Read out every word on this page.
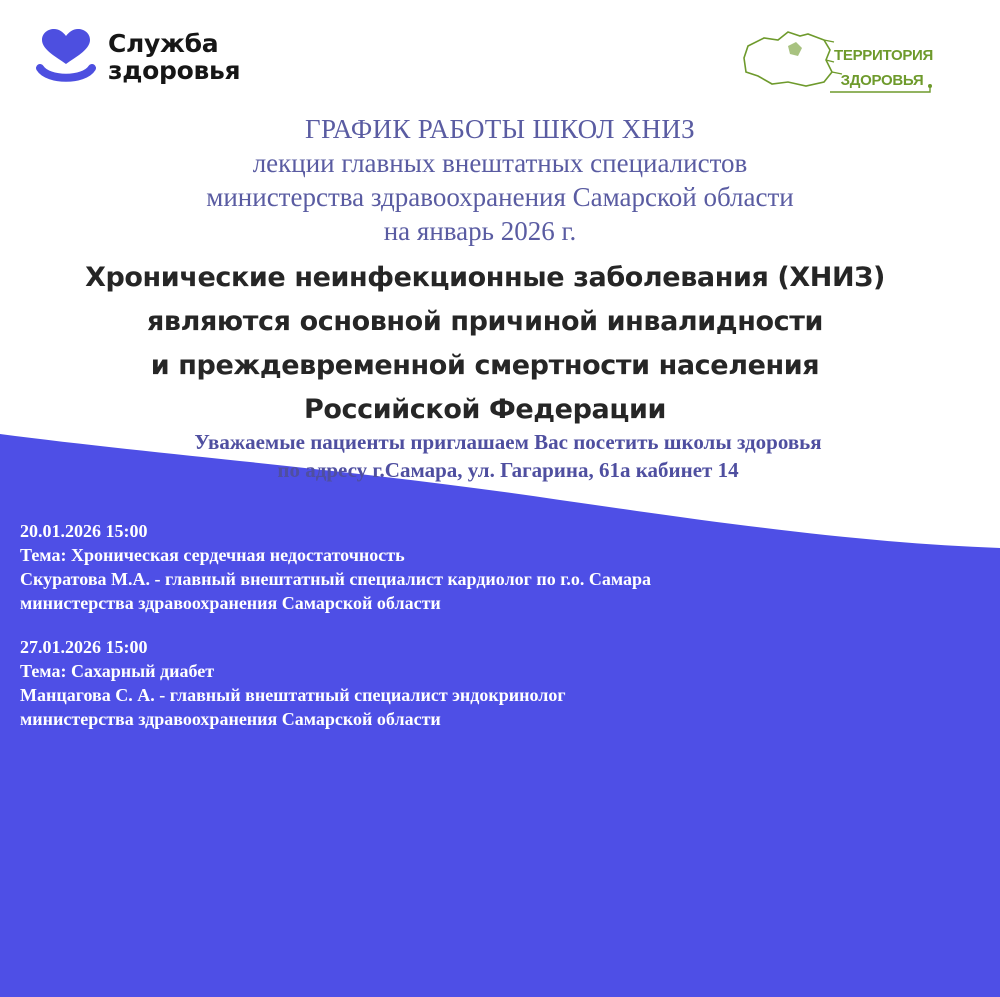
Служба
здоровья
ТЕРРИТОРИЯ
ЗДОРОВЬЯ
ГРАФИК РАБОТЫ ШКОЛ ХНИЗ
лекции главных внештатных специалистов
министерства здравоохранения Самарской области
на январь 2026 г.
Хронические неинфекционные заболевания (ХНИЗ)
являются основной причиной инвалидности
и преждевременной смертности населения
Российской Федерации
Уважаемые пациенты приглашаем Вас посетить школы здоровья
по адресу г.Самара, ул. Гагарина, 61а кабинет 14
20.01.2026 15:00
Тема: Хроническая сердечная недостаточность
Скуратова М.А. - главный внештатный специалист кардиолог по г.о. Самара
министерства здравоохранения Самарской области
27.01.2026 15:00
Тема: Сахарный диабет
Манцагова С. А. - главный внештатный специалист эндокринолог
министерства здравоохранения Самарской области
